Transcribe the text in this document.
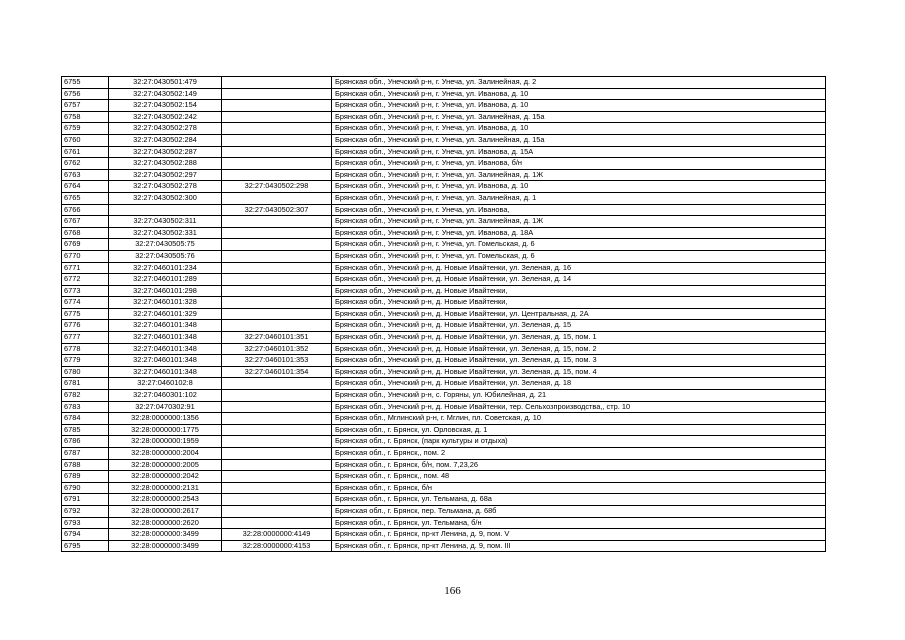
6755	32:27:0430501:479		Брянская обл., Унечский р-н, г. Унеча, ул. Залинейная, д. 2
6756	32:27:0430502:149		Брянская обл., Унечский р-н, г. Унеча, ул. Иванова, д. 10
6757	32:27:0430502:154		Брянская обл., Унечский р-н, г. Унеча, ул. Иванова, д. 10
6758	32:27:0430502:242		Брянская обл., Унечский р-н, г. Унеча, ул. Залинейная, д. 15а
6759	32:27:0430502:278		Брянская обл., Унечский р-н, г. Унеча, ул. Иванова, д. 10
6760	32:27:0430502:284		Брянская обл., Унечский р-н, г. Унеча, ул. Залинейная, д. 15а
6761	32:27:0430502:287		Брянская обл., Унечский р-н, г. Унеча, ул. Иванова, д. 15А
6762	32:27:0430502:288		Брянская обл., Унечский р-н, г. Унеча, ул. Иванова, б/н
6763	32:27:0430502:297		Брянская обл., Унечский р-н, г. Унеча, ул. Залинейная, д. 1Ж
6764	32:27:0430502:278	32:27:0430502:298	Брянская обл., Унечский р-н, г. Унеча, ул. Иванова, д. 10
6765	32:27:0430502:300		Брянская обл., Унечский р-н, г. Унеча, ул. Залинейная, д. 1
6766		32:27:0430502:307	Брянская обл., Унечский р-н, г. Унеча, ул. Иванова,
6767	32:27:0430502:311		Брянская обл., Унечский р-н, г. Унеча, ул. Залинейная, д. 1Ж
6768	32:27:0430502:331		Брянская обл., Унечский р-н, г. Унеча, ул. Иванова, д. 18А
6769	32:27:0430505:75		Брянская обл., Унечский р-н, г. Унеча, ул. Гомельская, д. 6
6770	32:27:0430505:76		Брянская обл., Унечский р-н, г. Унеча, ул. Гомельская, д. 6
6771	32:27:0460101:234		Брянская обл., Унечский р-н, д. Новые Ивайтенки, ул. Зеленая, д. 16
6772	32:27:0460101:289		Брянская обл., Унечский р-н, д. Новые Ивайтенки, ул. Зеленая, д. 14
6773	32:27:0460101:298		Брянская обл., Унечский р-н, д. Новые Ивайтенки,
6774	32:27:0460101:328		Брянская обл., Унечский р-н, д. Новые Ивайтенки,
6775	32:27:0460101:329		Брянская обл., Унечский р-н, д. Новые Ивайтенки, ул. Центральная, д. 2А
6776	32:27:0460101:348		Брянская обл., Унечский р-н, д. Новые Ивайтенки, ул. Зеленая, д. 15
6777	32:27:0460101:348	32:27:0460101:351	Брянская обл., Унечский р-н, д. Новые Ивайтенки, ул. Зеленая, д. 15, пом. 1
6778	32:27:0460101:348	32:27:0460101:352	Брянская обл., Унечский р-н, д. Новые Ивайтенки, ул. Зеленая, д. 15, пом. 2
6779	32:27:0460101:348	32:27:0460101:353	Брянская обл., Унечский р-н, д. Новые Ивайтенки, ул. Зеленая, д. 15, пом. 3
6780	32:27:0460101:348	32:27:0460101:354	Брянская обл., Унечский р-н, д. Новые Ивайтенки, ул. Зеленая, д. 15, пом. 4
6781	32:27:0460102:8		Брянская обл., Унечский р-н, д. Новые Ивайтенки, ул. Зеленая, д. 18
6782	32:27:0460301:102		Брянская обл., Унечский р-н, с. Горяны, ул. Юбилейная, д. 21
6783	32:27:0470302:91		Брянская обл., Унечский р-н, д. Новые Ивайтенки, тер. Сельхозпроизводства,, стр. 10
6784	32:28:0000000:1356		Брянская обл., Мглинский р-н, г. Мглин, пл. Советская, д. 10
6785	32:28:0000000:1775		Брянская обл., г. Брянск, ул. Орловская, д. 1
6786	32:28:0000000:1959		Брянская обл., г. Брянск, (парк культуры и отдыха)
6787	32:28:0000000:2004		Брянская обл., г. Брянск,, пом. 2
6788	32:28:0000000:2005		Брянская обл., г. Брянск, б/н, пом. 7,23,26
6789	32:28:0000000:2042		Брянская обл., г. Брянск,, пом. 48
6790	32:28:0000000:2131		Брянская обл., г. Брянск, б/н
6791	32:28:0000000:2543		Брянская обл., г. Брянск, ул. Тельмана, д. 68а
6792	32:28:0000000:2617		Брянская обл., г. Брянск, пер. Тельмана, д. 68б
6793	32:28:0000000:2620		Брянская обл., г. Брянск, ул. Тельмана, б/н
6794	32:28:0000000:3499	32:28:0000000:4149	Брянская обл., г. Брянск, пр-кт Ленина, д. 9, пом. V
6795	32:28:0000000:3499	32:28:0000000:4153	Брянская обл., г. Брянск, пр-кт Ленина, д. 9, пом. III
166
